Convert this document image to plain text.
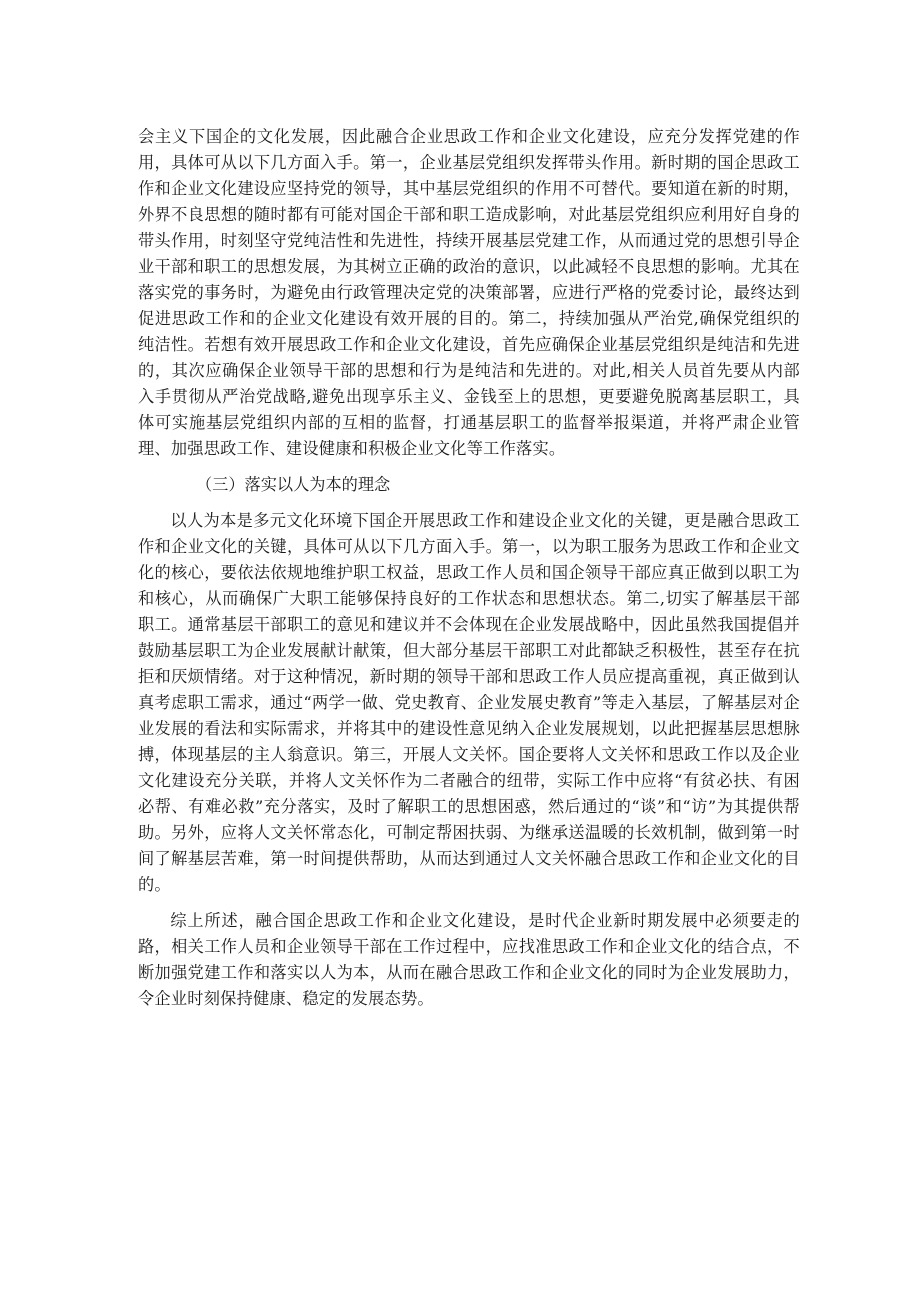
会主义下国企的文化发展，因此融合企业思政工作和企业文化建设，应充分发挥党建的作用，具体可从以下几方面入手。第一，企业基层党组织发挥带头作用。新时期的国企思政工作和企业文化建设应坚持党的领导，其中基层党组织的作用不可替代。要知道在新的时期，外界不良思想的随时都有可能对国企干部和职工造成影响，对此基层党组织应利用好自身的带头作用，时刻坚守党纯洁性和先进性，持续开展基层党建工作，从而通过党的思想引导企业干部和职工的思想发展，为其树立正确的政治的意识，以此减轻不良思想的影响。尤其在落实党的事务时，为避免由行政管理决定党的决策部署，应进行严格的党委讨论，最终达到促进思政工作和的企业文化建设有效开展的目的。第二，持续加强从严治党,确保党组织的纯洁性。若想有效开展思政工作和企业文化建设，首先应确保企业基层党组织是纯洁和先进的，其次应确保企业领导干部的思想和行为是纯洁和先进的。对此,相关人员首先要从内部入手贯彻从严治党战略,避免出现享乐主义、金钱至上的思想，更要避免脱离基层职工，具体可实施基层党组织内部的互相的监督，打通基层职工的监督举报渠道，并将严肃企业管理、加强思政工作、建设健康和积极企业文化等工作落实。

（三）落实以人为本的理念

以人为本是多元文化环境下国企开展思政工作和建设企业文化的关键，更是融合思政工作和企业文化的关键，具体可从以下几方面入手。第一，以为职工服务为思政工作和企业文化的核心，要依法依规地维护职工权益，思政工作人员和国企领导干部应真正做到以职工为和核心，从而确保广大职工能够保持良好的工作状态和思想状态。第二,切实了解基层干部职工。通常基层干部职工的意见和建议并不会体现在企业发展战略中，因此虽然我国提倡并鼓励基层职工为企业发展献计献策，但大部分基层干部职工对此都缺乏积极性，甚至存在抗拒和厌烦情绪。对于这种情况，新时期的领导干部和思政工作人员应提高重视，真正做到认真考虑职工需求，通过“两学一做、党史教育、企业发展史教育”等走入基层，了解基层对企业发展的看法和实际需求，并将其中的建设性意见纳入企业发展规划，以此把握基层思想脉搏，体现基层的主人翁意识。第三，开展人文关怀。国企要将人文关怀和思政工作以及企业文化建设充分关联，并将人文关怀作为二者融合的纽带，实际工作中应将“有贫必扶、有困必帮、有难必救”充分落实，及时了解职工的思想困惑，然后通过的“谈”和“访”为其提供帮助。另外，应将人文关怀常态化，可制定帮困扶弱、为继承送温暖的长效机制，做到第一时间了解基层苦难，第一时间提供帮助，从而达到通过人文关怀融合思政工作和企业文化的目的。

综上所述，融合国企思政工作和企业文化建设，是时代企业新时期发展中必须要走的路，相关工作人员和企业领导干部在工作过程中，应找准思政工作和企业文化的结合点，不断加强党建工作和落实以人为本，从而在融合思政工作和企业文化的同时为企业发展助力，令企业时刻保持健康、稳定的发展态势。
